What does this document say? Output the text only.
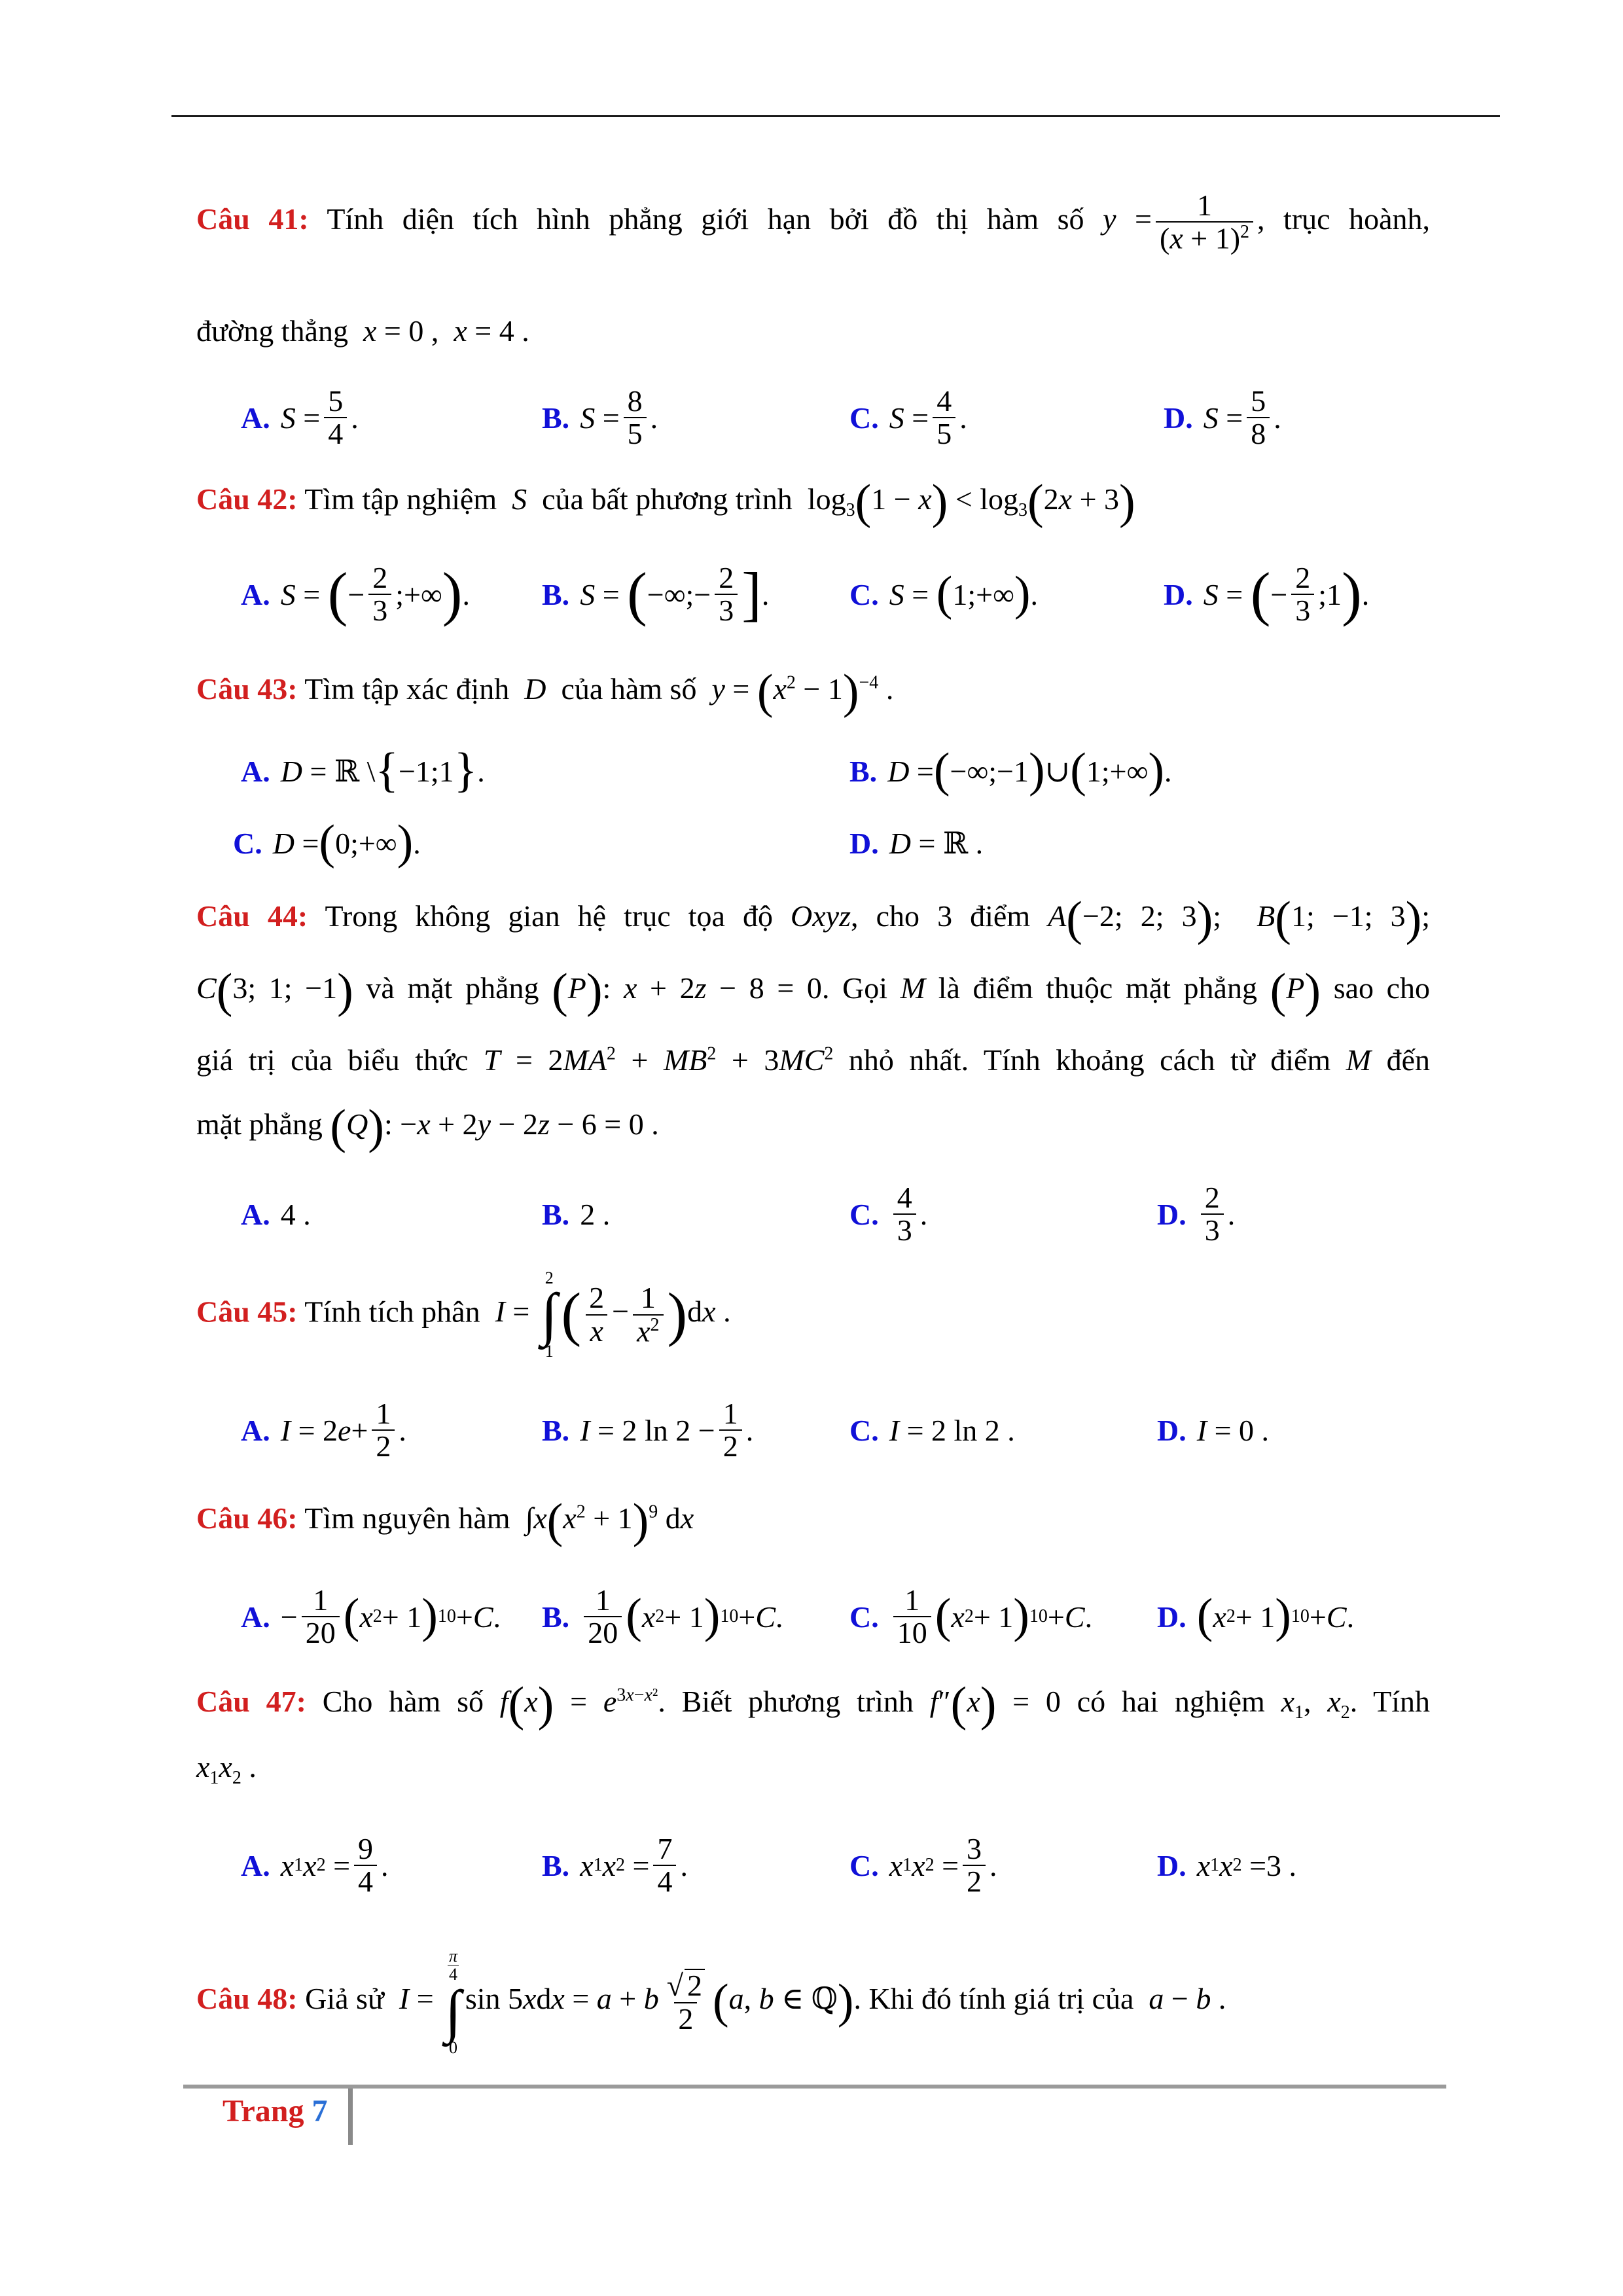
Câu 41: Tính diện tích hình phẳng giới hạn bởi đồ thị hàm số $y = \frac{1}{(x + 1)^2}$ , trục hoành,
đường thẳng x = 0 ,  x = 4 .
A. $S = \frac{5}{4}$ .	B. $S = \frac{8}{5}$ .	C. $S = \frac{4}{5}$ .	D. $S = \frac{5}{8}$ .
Câu 42: Tìm tập nghiệm  S  của bất phương trình  $\log_3(1 - x) < \log_3(2x + 3)$
A. S = ( − $\frac{2}{3}$ ;+∞ ) . B. S = ( −∞;− $\frac{2}{3}$ ] .	C. S = ( 1;+∞ ) .	D. S = ( − $\frac{2}{3}$ ;1 ) .
Câu 43: Tìm tập xác định  D  của hàm số $y = (x^2 - 1)^{-4}$ .
A. D = ℝ \ { −1;1 } .	B. D = ( −∞;−1 ) ∪ ( 1;+∞ ) .
C. D = ( 0;+∞ ) .	D. D = ℝ .
Câu 44: Trong không gian hệ trục tọa độ Oxyz, cho 3 điểm A(−2; 2; 3);  B(1; −1; 3);
C(3; 1; −1) và mặt phẳng (P): x + 2z − 8 = 0. Gọi M là điểm thuộc mặt phẳng (P) sao cho
giá trị của biểu thức $T = 2MA^2 + MB^2 + 3MC^2$ nhỏ nhất. Tính khoảng cách từ điểm M đến
mặt phẳng (Q): −x + 2y − 2z − 6 = 0 .
A. 4 .	B. 2 .	C. $\frac{4}{3}$ .	D. $\frac{2}{3}$ .
Câu 45: Tính tích phân I =
2
∫
1
( $\frac{2}{x} - \frac{1}{x^2} )dx$ .
A. I = 2 $e + \frac{1}{2}$ .	B. I = 2 $\ln 2 - \frac{1}{2}$ .	C. I = 2 ln 2 .	D. I = 0 .
Câu 46: Tìm nguyên hàm  $\int x(x^2 + 1)^9$ dx
A. − $\frac{1}{20}$ ( x 2 + 1 ) 10 + C . B. $\frac{1}{20}$ ( x 2 + 1 ) 10 + C . C. $\frac{1}{10}$ ( x 2 + 1 ) 10 + C . D. ( x 2 + 1 ) 10 + C .
Câu 47: Cho hàm số $f(x) = e^{3x-x^2}$. Biết phương trình f″(x) = 0 có hai nghiệm $x_1$, $x_2$. Tính
$x_1x_2$ .
A. x 1 x $2 = \frac{9}{4}$ .	B. x 1 x $2 = \frac{7}{4}$ .	C. x 1 x $2 = \frac{3}{2}$ .	D. x 1 x 2 = 3 .
Câu 48: Giả sử I =
$\frac{\pi}{4}$
∫
0
sin 5xdx = a + b $\frac{√ 2}{2} (a$, b ∈ ℚ). Khi đó tính giá trị của a − b .
Trang 7
